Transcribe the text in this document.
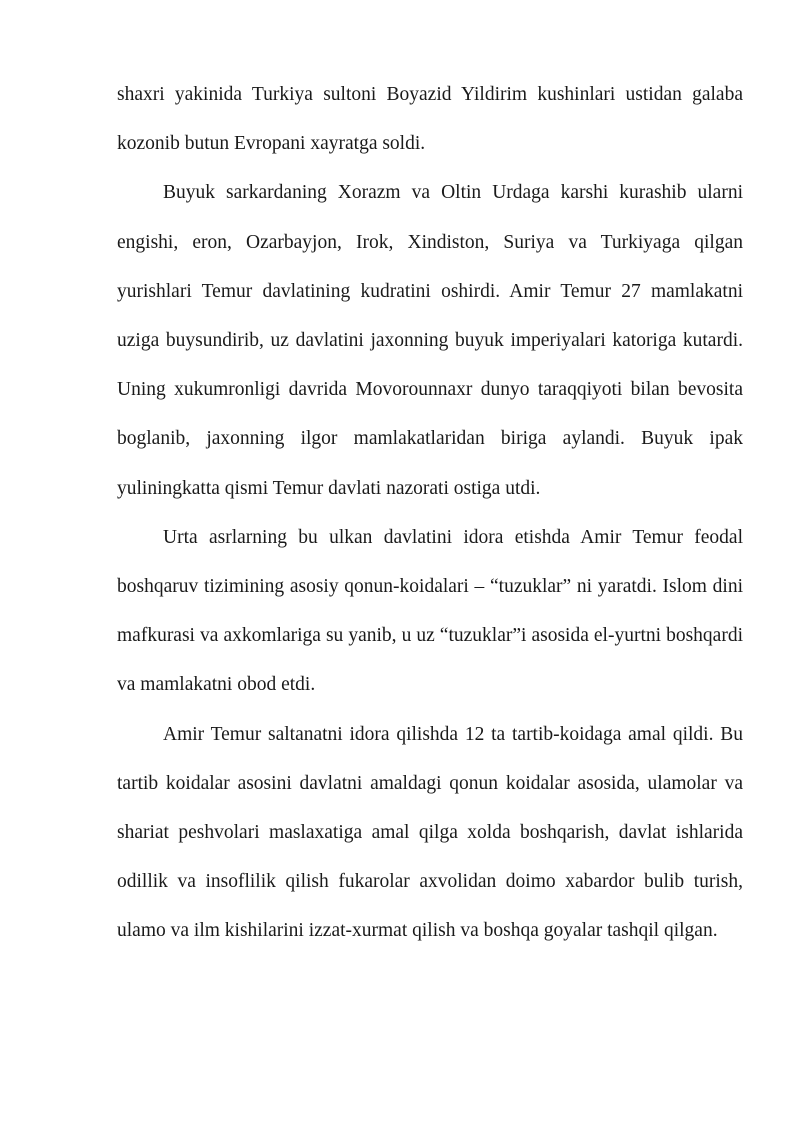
shaxri yakinida Turkiya sultoni Boyazid Yildirim kushinlari ustidan galaba kozonib butun Evropani xayratga soldi.

Buyuk sarkardaning Xorazm va Oltin Urdaga karshi kurashib ularni engishi, eron, Ozarbayjon, Irok, Xindiston, Suriya va Turkiyaga qilgan yurishlari Temur davlatining kudratini oshirdi. Amir Temur 27 mamlakatni uziga buysundirib, uz davlatini jaxonning buyuk imperiyalari katoriga kutardi. Uning xukumronligi davrida Movorounnaxr dunyo taraqqiyoti bilan bevosita boglanib, jaxonning ilgor mamlakatlaridan biriga aylandi. Buyuk ipak yuliningkatta qismi Temur davlati nazorati ostiga utdi.

Urta asrlarning bu ulkan davlatini idora etishda Amir Temur feodal boshqaruv tizimining asosiy qonun-koidalari – “tuzuklar” ni yaratdi. Islom dini mafkurasi va axkomlariga su yanib, u uz “tuzuklar”i asosida el-yurtni boshqardi va mamlakatni obod etdi.

Amir Temur saltanatni idora qilishda 12 ta tartib-koidaga amal qildi. Bu tartib koidalar asosini davlatni amaldagi qonun koidalar asosida, ulamolar va shariat peshvolari maslaxatiga amal qilga xolda boshqarish, davlat ishlarida odillik va insoflilik qilish fukarolar axvolidan doimo xabardor bulib turish, ulamo va ilm kishilarini izzat-xurmat qilish va boshqa goyalar tashqil qilgan.
